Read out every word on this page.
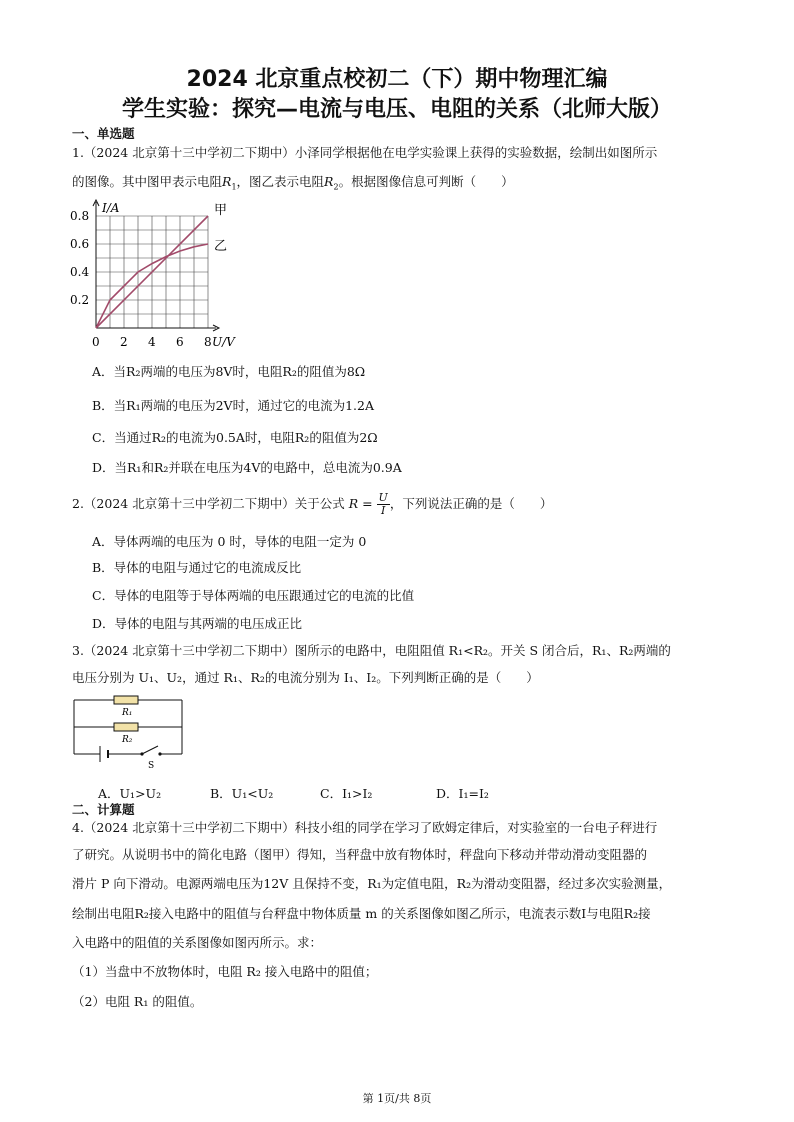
2024 北京重点校初二（下）期中物理汇编
学生实验：探究—电流与电压、电阻的关系（北师大版）
一、单选题
1.（2024 北京第十三中学初二下期中）小泽同学根据他在电学实验课上获得的实验数据，绘制出如图所示
的图像。其中图甲表示电阻$R_1$，图乙表示电阻$R_2$。根据图像信息可判断（　　）
I/A
U/V
0 2 4 6 8
0.2
0.4
0.6
0.8	甲
乙
A．当R₂两端的电压为8V时，电阻R₂的阻值为8Ω
B．当R₁两端的电压为2V时，通过它的电流为1.2A
C．当通过R₂的电流为0.5A时，电阻R₂的阻值为2Ω
D．当R₁和R₂并联在电压为4V的电路中，总电流为0.9A
2.（2024 北京第十三中学初二下期中）关于公式 $R = \frac{U}{I}$ ，下列说法正确的是（　　）
A．导体两端的电压为 0 时，导体的电阻一定为 0
B．导体的电阻与通过它的电流成反比
C．导体的电阻等于导体两端的电压跟通过它的电流的比值
D．导体的电阻与其两端的电压成正比
3.（2024 北京第十三中学初二下期中）图所示的电路中，电阻阻值 R₁<R₂。开关 S 闭合后，R₁、R₂两端的
电压分别为 U₁、U₂，通过 R₁、R₂的电流分别为 I₁、I₂。下列判断正确的是（　　）
R₁
R₂
S
A．U₁>U₂	B．U₁<U₂	C．I₁>I₂	D．I₁=I₂
二、计算题
4.（2024 北京第十三中学初二下期中）科技小组的同学在学习了欧姆定律后，对实验室的一台电子秤进行
了研究。从说明书中的简化电路（图甲）得知，当秤盘中放有物体时，秤盘向下移动并带动滑动变阻器的
滑片 P 向下滑动。电源两端电压为12V 且保持不变，R₁为定值电阻，R₂为滑动变阻器，经过多次实验测量，
绘制出电阻R₂接入电路中的阻值与台秤盘中物体质量 m 的关系图像如图乙所示，电流表示数I与电阻R₂接
入电路中的阻值的关系图像如图丙所示。求：
（1）当盘中不放物体时，电阻 R₂ 接入电路中的阻值；
（2）电阻 R₁ 的阻值。
第 1页/共 8页
